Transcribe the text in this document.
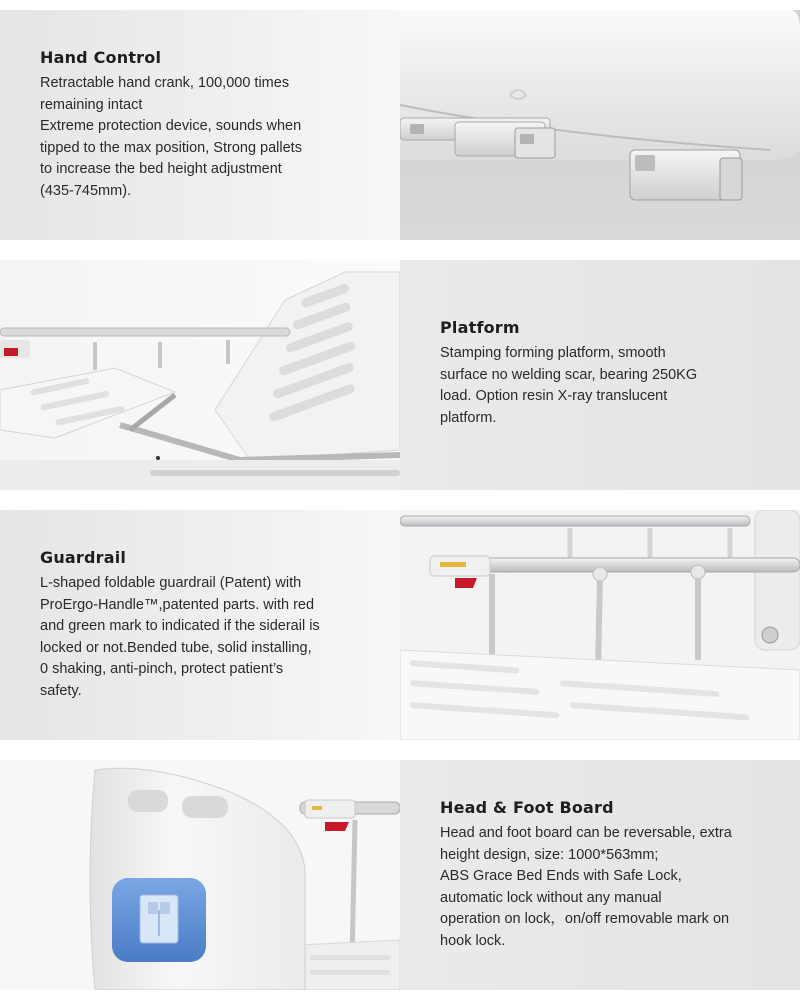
Hand Control

Retractable hand crank, 100,000 times
remaining intact
Extreme protection device, sounds when
tipped to the max position, Strong pallets
to increase the bed height adjustment
(435-745mm).

Platform

Stamping forming platform, smooth
surface no welding scar, bearing 250KG
load. Option resin X-ray translucent
platform.

Guardrail

L-shaped foldable guardrail (Patent) with
ProErgo-Handle™,patented parts. with red
and green mark to indicated if the siderail is
locked or not.Bended tube, solid installing,
0 shaking, anti-pinch, protect patient’s
safety.

Head & Foot Board

Head and foot board can be reversable, extra
height design, size: 1000*563mm;
ABS Grace Bed Ends with Safe Lock,
automatic lock without any manual
operation on lock，on/off removable mark on
hook lock.
